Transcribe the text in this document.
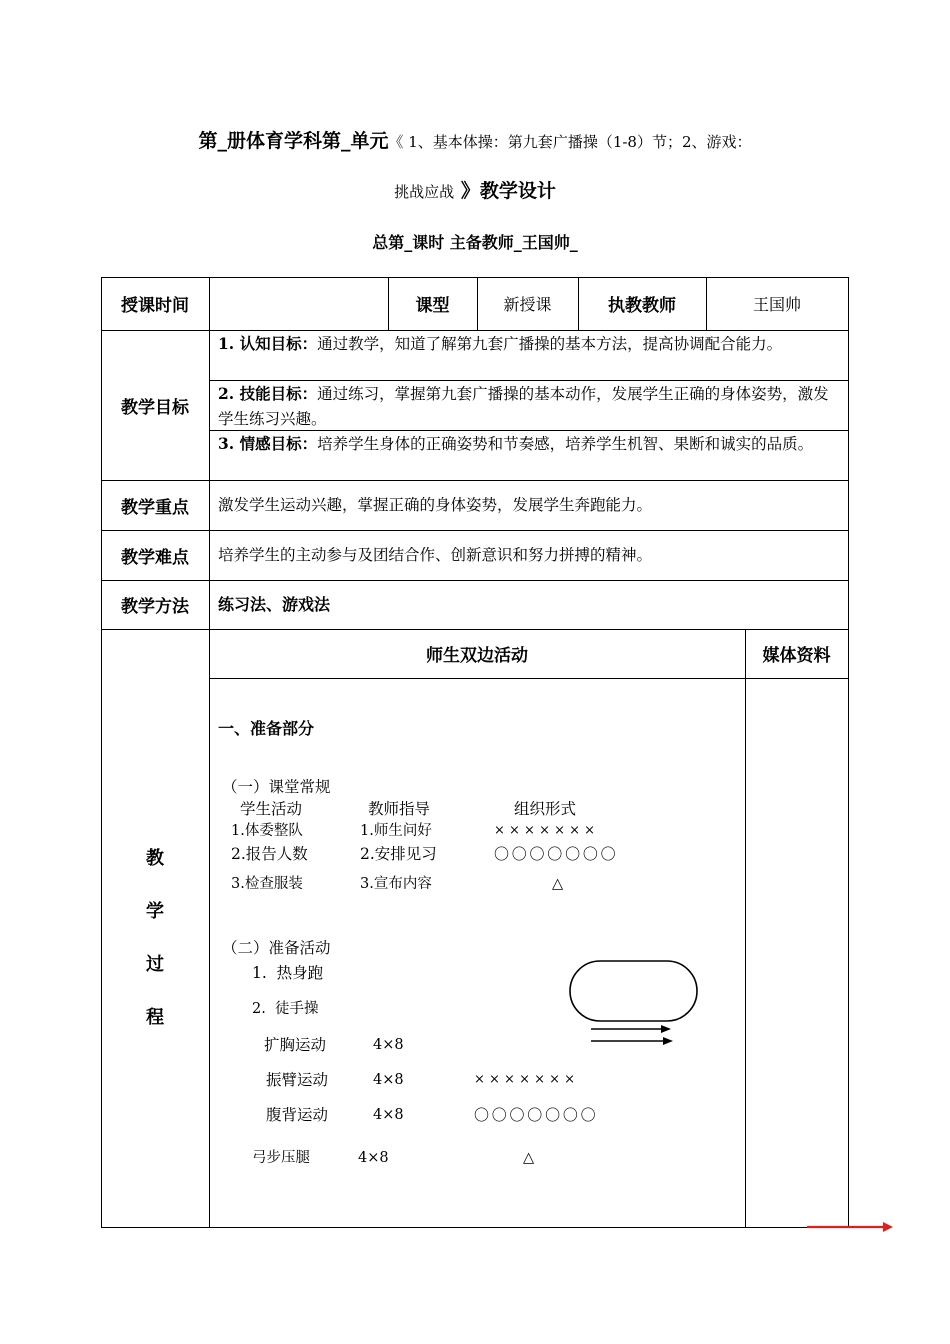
第_册体育学科第_单元《 1、基本体操：第九套广播操（1-8）节；2、游戏：
挑战应战 》教学设计
总第_课时 主备教师_王国帅_
授课时间	课型	新授课	执教教师	王国帅
教学目标
1. 认知目标：通过教学，知道了解第九套广播操的基本方法，提高协调配合能力。
2. 技能目标：通过练习，掌握第九套广播操的基本动作，发展学生正确的身体姿势，激发学生练习兴趣。
3. 情感目标：培养学生身体的正确姿势和节奏感，培养学生机智、果断和诚实的品质。
教学重点	激发学生运动兴趣，掌握正确的身体姿势，发展学生奔跑能力。
教学难点	培养学生的主动参与及团结合作、创新意识和努力拼搏的精神。
教学方法	练习法、游戏法
教
学
过
程
师生双边活动	媒体资料
一、准备部分
（一）课堂常规
学生活动	教师指导	组织形式
1.体委整队	1.师生问好	× × × × × × ×
2.报告人数	2.安排见习	〇 〇 〇 〇 〇 〇 〇
3.检查服装	3.宣布内容	△
（二）准备活动
1.  热身跑
2.  徒手操
扩胸运动	4×8
振臂运动	4×8
腹背运动	4×8
弓步压腿	4×8
× × × × × × ×
〇 〇 〇 〇 〇 〇 〇
△
